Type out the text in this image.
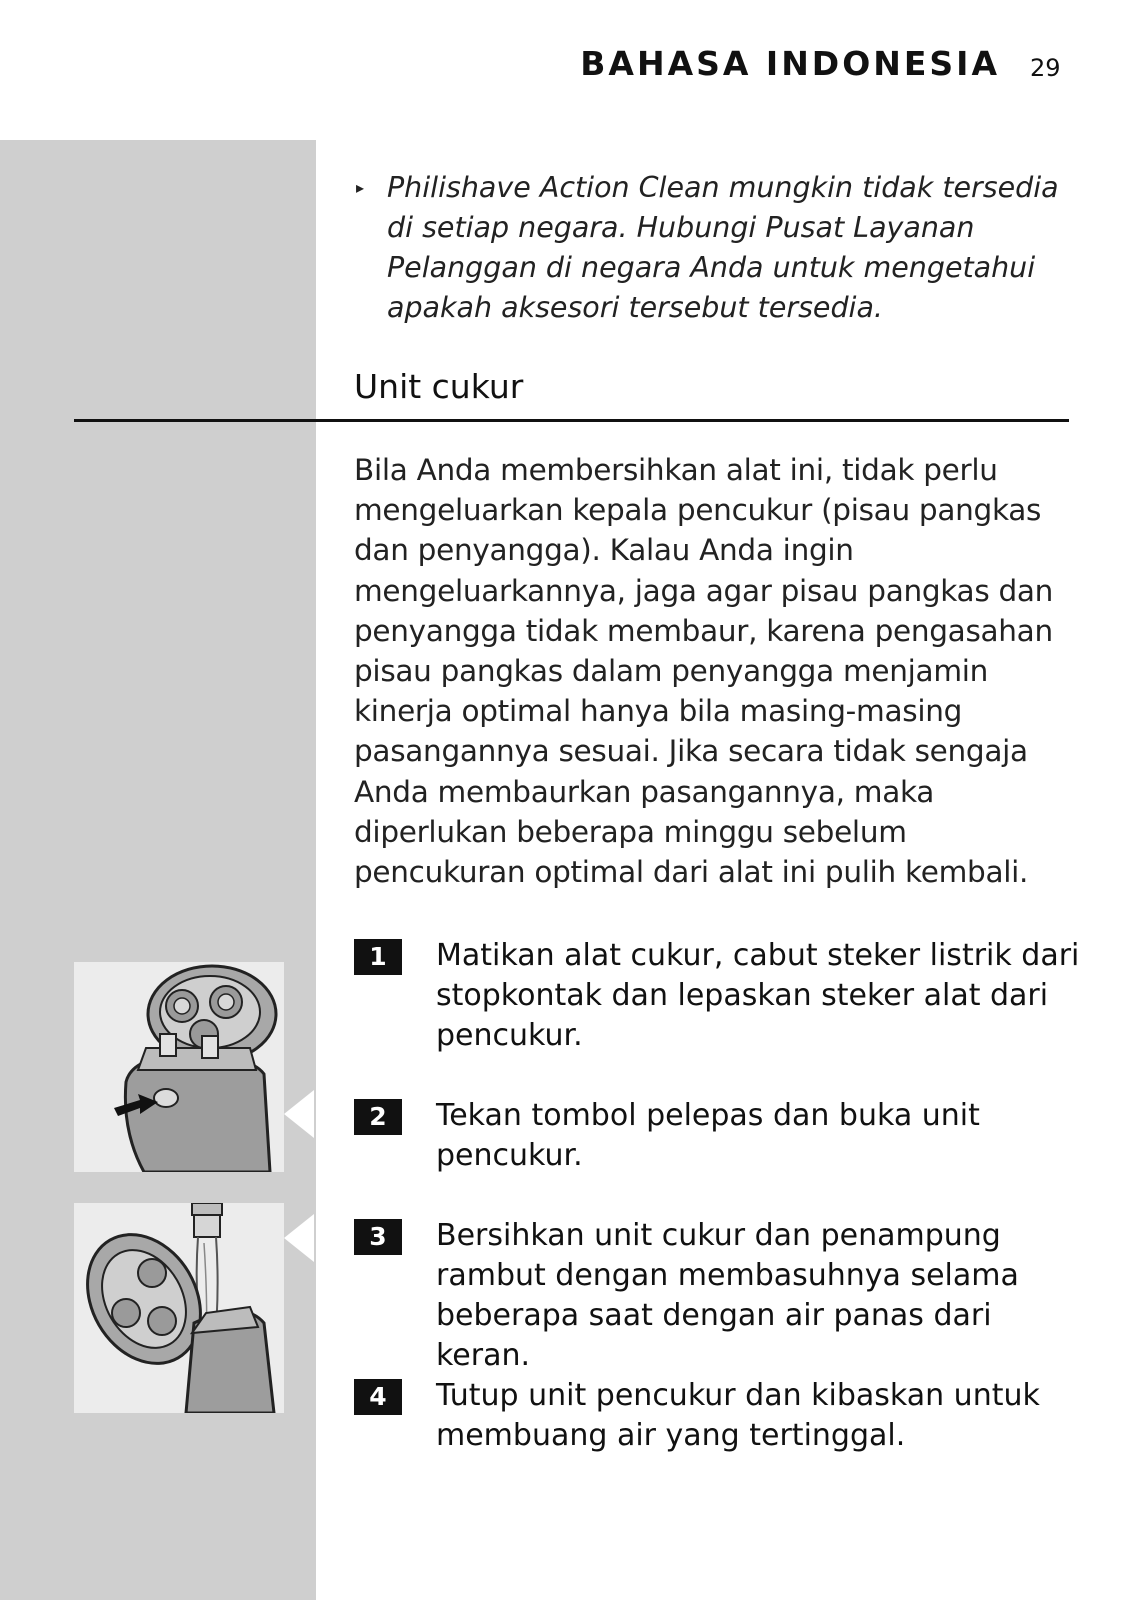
BAHASA INDONESIA 29
▸ Philishave Action Clean mungkin tidak tersedia di setiap negara. Hubungi Pusat Layanan Pelanggan di negara Anda untuk mengetahui apakah aksesori tersebut tersedia.
Unit cukur
Bila Anda membersihkan alat ini, tidak perlu mengeluarkan kepala pencukur (pisau pangkas dan penyangga). Kalau Anda ingin mengeluarkannya, jaga agar pisau pangkas dan penyangga tidak membaur, karena pengasahan pisau pangkas dalam penyangga menjamin kinerja optimal hanya bila masing-masing pasangannya sesuai. Jika secara tidak sengaja Anda membaurkan pasangannya, maka diperlukan beberapa minggu sebelum pencukuran optimal dari alat ini pulih kembali.
1	Matikan alat cukur, cabut steker listrik dari stopkontak dan lepaskan steker alat dari pencukur.
2	Tekan tombol pelepas dan buka unit pencukur.
3	Bersihkan unit cukur dan penampung rambut dengan membasuhnya selama beberapa saat dengan air panas dari keran.
4	Tutup unit pencukur dan kibaskan untuk membuang air yang tertinggal.
